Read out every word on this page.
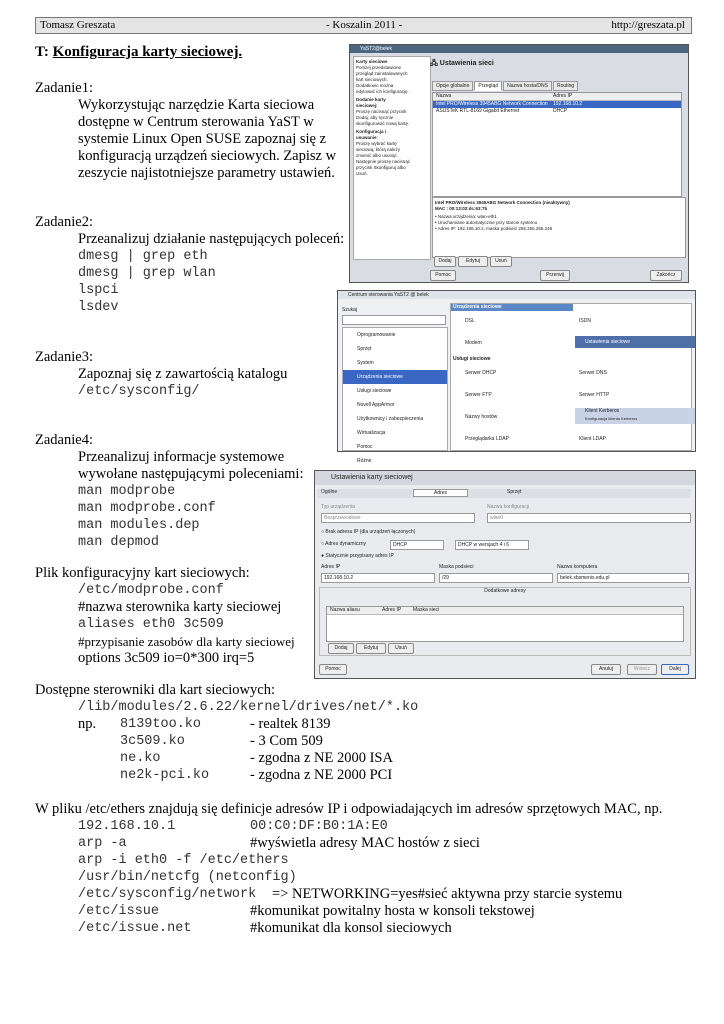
Tomasz Greszata	- Koszalin 2011 -	http://greszata.pl
T: Konfiguracja karty sieciowej.
Zadanie1:
Wykorzystując narzędzie Karta sieciowa
dostępne w Centrum sterowania YaST w
systemie Linux Open SUSE zapoznaj się z
konfiguracją urządzeń sieciowych. Zapisz w
zeszycie najistotniejsze parametry ustawień.
Zadanie2:
Przeanalizuj działanie następujących poleceń:
dmesg | grep eth
dmesg | grep wlan
lspci
lsdev
Zadanie3:
Zapoznaj się z zawartością katalogu
/etc/sysconfig/
Zadanie4:
Przeanalizuj informacje systemowe
wywołane następującymi poleceniami:
man modprobe
man modprobe.conf
man modules.dep
man depmod
Plik konfiguracyjny kart sieciowych:
/etc/modprobe.conf
#nazwa sterownika karty sieciowej
aliases eth0 3c509
#przypisanie zasobów dla karty sieciowej
options 3c509 io=0*300 irq=5
Dostępne sterowniki dla kart sieciowych:
/lib/modules/2.6.22/kernel/drives/net/*.ko
np. 8139too.ko	- realtek 8139
3c509.ko	- 3 Com 509
ne.ko	- zgodna z NE 2000 ISA
ne2k-pci.ko	- zgodna z NE 2000 PCI
W pliku /etc/ethers znajdują się definicje adresów IP i odpowiadających im adresów sprzętowych MAC, np.
192.168.10.1	00:C0:DF:B0:1A:E0
arp -a	#wyświetla adresy MAC hostów z sieci
arp -i eth0 -f /etc/ethers
/usr/bin/netcfg (netconfig)
/etc/sysconfig/network => NETWORKING=yes#sieć aktywna przy starcie systemu
/etc/issue	#komunikat powitalny hosta w konsoli tekstowej
/etc/issue.net	#komunikat dla konsol sieciowych
YaST2@belek
Karty sieciowe
Poniżej przedstawione
przegląd zainstalowanych
kart sieciowych.
Dodatkowo można
edytować ich konfigurację.
Dodanie karty
sieciowej:
Proszę nacisnąć przycisk
Dodaj, aby ręcznie
skonfigurować nową kartę.
Konfiguracja i
usuwanie:
Proszę wybrać kartę
sieciową, którą należy
zmienić albo usunąć.
Następnie proszę nacisnąć
przycisk Skonfiguruj albo
Usuń.
🖧 Ustawienia sieci
Opcje globalne Przegląd Nazwa hosta/DNS Routing
Nazwa	Adres IP
Intel PRO/Wireless 3945ABG Network Connection 192.168.10.2
ASUSTeK RTL-8169 Gigabit Ethernet	DHCP
Intel PRO/Wireless 3945ABG Network Connection (nieaktywny)
MAC : 00:13:02:dc:63:7b
• Nazwa urządzenia: wlan-eth1
• Uruchamiane automatycznie przy starcie systemu
• Adres IP: 192.168.10.2, maska podsieci 255.255.255.248
Dodaj	Edytuj	Usuń
Pomoc	Przerwij	Zakończ
Centrum sterowania YaST2 @ belek
Szukaj
Oprogramowanie
Sprzęt
System
Urządzenia sieciowe
Usługi sieciowe
Novell AppArmor
Użytkownicy i zabezpieczenia
Wirtualizacja
Pomoc
Różne
Urządzenia sieciowe
DSL	ISDN
Modem	Ustawienia sieciowe
Usługi sieciowe
Serwer DHCP	Serwer DNS
Serwer FTP	Serwer HTTP
Nazwy hostów
Klient Kerberos
Konfiguracja klienta Kerberos
Przeglądarka LDAP	Klient LDAP
Ustawienia karty sieciowej
Ogólne	Adres	Sprzęt
Typ urządzenia
Bezprzewodowe
Nazwa konfiguracji
wlan0
○ Brak adresu IP (dla urządzeń łączonych)
○ Adres dynamiczny	DHCP	DHCP w wersjach 4 i 6
● Statycznie przypisany adres IP
Adres IP
192.168.10.2
Maska podsieci
/29
Nazwa komputera
belek.sbsmenis.edu.pl
Dodatkowe adresy
Nazwa aliasu	Adres IP Maska sieci
Dodaj	Edytuj	Usuń
Pomoc	Anuluj	Wstecz	Dalej
